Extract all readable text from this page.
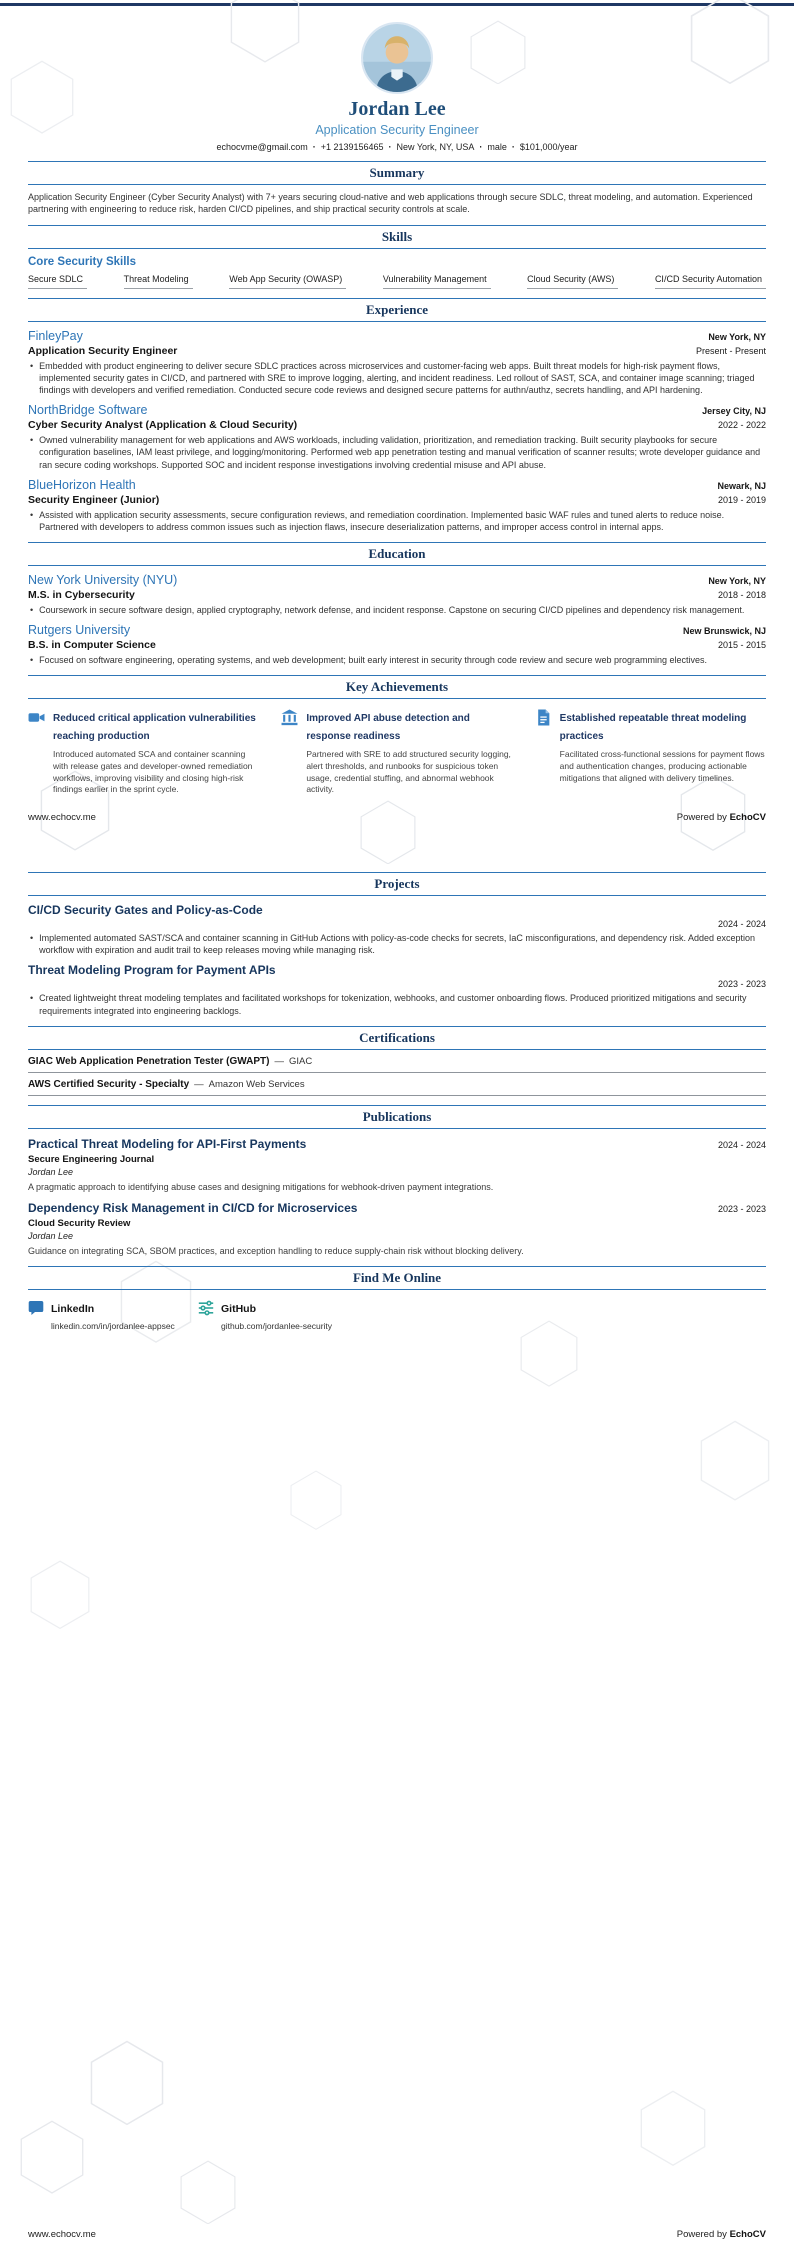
Jordan Lee
Application Security Engineer
echocvme@gmail.com · +1 2139156465 · New York, NY, USA · male · $101,000/year
Summary
Application Security Engineer (Cyber Security Analyst) with 7+ years securing cloud-native and web applications through secure SDLC, threat modeling, and automation. Experienced partnering with engineering to reduce risk, harden CI/CD pipelines, and ship practical security controls at scale.
Skills
Core Security Skills
Secure SDLC	Threat Modeling	Web App Security (OWASP)	Vulnerability Management	Cloud Security (AWS)	CI/CD Security Automation
Experience
FinleyPay	New York, NY
Application Security Engineer	Present - Present
• Embedded with product engineering to deliver secure SDLC practices across microservices and customer-facing web apps. Built threat models for high-risk payment flows, implemented security gates in CI/CD, and partnered with SRE to improve logging, alerting, and incident readiness. Led rollout of SAST, SCA, and container image scanning; triaged findings with developers and verified remediation. Conducted secure code reviews and designed secure patterns for authn/authz, secrets handling, and API hardening.
NorthBridge Software	Jersey City, NJ
Cyber Security Analyst (Application & Cloud Security)	2022 - 2022
• Owned vulnerability management for web applications and AWS workloads, including validation, prioritization, and remediation tracking. Built security playbooks for secure configuration baselines, IAM least privilege, and logging/monitoring. Performed web app penetration testing and manual verification of scanner results; wrote developer guidance and ran secure coding workshops. Supported SOC and incident response investigations involving credential misuse and API abuse.
BlueHorizon Health	Newark, NJ
Security Engineer (Junior)	2019 - 2019
• Assisted with application security assessments, secure configuration reviews, and remediation coordination. Implemented basic WAF rules and tuned alerts to reduce noise. Partnered with developers to address common issues such as injection flaws, insecure deserialization patterns, and improper access control in internal apps.
Education
New York University (NYU)	New York, NY
M.S. in Cybersecurity	2018 - 2018
• Coursework in secure software design, applied cryptography, network defense, and incident response. Capstone on securing CI/CD pipelines and dependency risk management.
Rutgers University	New Brunswick, NJ
B.S. in Computer Science	2015 - 2015
• Focused on software engineering, operating systems, and web development; built early interest in security through code review and secure web programming electives.
Key Achievements
Reduced critical application vulnerabilities reaching production
Introduced automated SCA and container scanning with release gates and developer-owned remediation workflows, improving visibility and closing high-risk findings earlier in the sprint cycle.
Improved API abuse detection and response readiness
Partnered with SRE to add structured security logging, alert thresholds, and runbooks for suspicious token usage, credential stuffing, and abnormal webhook activity.
Established repeatable threat modeling practices
Facilitated cross-functional sessions for payment flows and authentication changes, producing actionable mitigations that aligned with delivery timelines.
www.echocv.me	Powered by EchoCV
Projects
CI/CD Security Gates and Policy-as-Code
2024 - 2024
• Implemented automated SAST/SCA and container scanning in GitHub Actions with policy-as-code checks for secrets, IaC misconfigurations, and dependency risk. Added exception workflow with expiration and audit trail to keep releases moving while managing risk.
Threat Modeling Program for Payment APIs
2023 - 2023
• Created lightweight threat modeling templates and facilitated workshops for tokenization, webhooks, and customer onboarding flows. Produced prioritized mitigations and security requirements integrated into engineering backlogs.
Certifications
GIAC Web Application Penetration Tester (GWAPT) — GIAC
AWS Certified Security - Specialty — Amazon Web Services
Publications
Practical Threat Modeling for API-First Payments	2024 - 2024
Secure Engineering Journal
Jordan Lee
A pragmatic approach to identifying abuse cases and designing mitigations for webhook-driven payment integrations.
Dependency Risk Management in CI/CD for Microservices	2023 - 2023
Cloud Security Review
Jordan Lee
Guidance on integrating SCA, SBOM practices, and exception handling to reduce supply-chain risk without blocking delivery.
Find Me Online
LinkedIn
linkedin.com/in/jordanlee-appsec
GitHub
github.com/jordanlee-security
www.echocv.me	Powered by EchoCV
